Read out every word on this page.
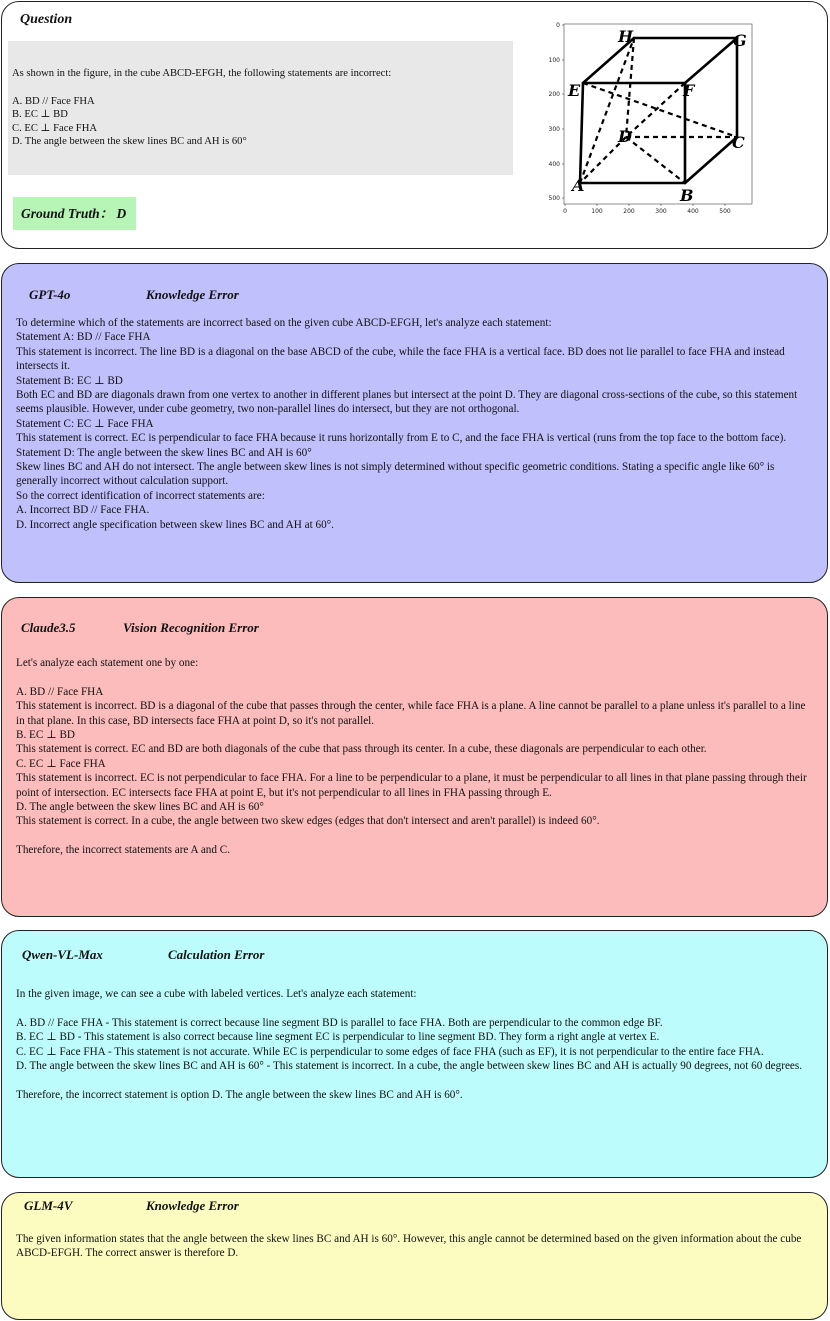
Question
As shown in the figure, in the cube ABCD-EFGH, the following statements are incorrect:
A. BD // Face FHA
B. EC ⊥ BD
C. EC ⊥ Face FHA
D. The angle between the skew lines BC and AH is 60°
Ground Truth： D
0
100
200
300
400
500
0	100	200	300	400	500
A
B
C
D
E	F
G
H
GPT-4o	Knowledge Error

To determine which of the statements are incorrect based on the given cube ABCD-EFGH, let's analyze each statement:

Statement A: BD // Face FHA

This statement is incorrect. The line BD is a diagonal on the base ABCD of the cube, while the face FHA is a vertical face. BD does not lie parallel to face FHA and instead intersects it.

Statement B: EC ⊥ BD

Both EC and BD are diagonals drawn from one vertex to another in different planes but intersect at the point D. They are diagonal cross-sections of the cube, so this statement seems plausible. However, under cube geometry, two non-parallel lines do intersect, but they are not orthogonal.

Statement C: EC ⊥ Face FHA

This statement is correct. EC is perpendicular to face FHA because it runs horizontally from E to C, and the face FHA is vertical (runs from the top face to the bottom face).

Statement D: The angle between the skew lines BC and AH is 60°

Skew lines BC and AH do not intersect. The angle between skew lines is not simply determined without specific geometric conditions. Stating a specific angle like 60° is generally incorrect without calculation support.

So the correct identification of incorrect statements are:

A. Incorrect BD // Face FHA.

D. Incorrect angle specification between skew lines BC and AH at 60°.

Claude3.5	Vision Recognition Error

Let's analyze each statement one by one:

A. BD // Face FHA

This statement is incorrect. BD is a diagonal of the cube that passes through the center, while face FHA is a plane. A line cannot be parallel to a plane unless it's parallel to a line in that plane. In this case, BD intersects face FHA at point D, so it's not parallel.

B. EC ⊥ BD

This statement is correct. EC and BD are both diagonals of the cube that pass through its center. In a cube, these diagonals are perpendicular to each other.

C. EC ⊥ Face FHA

This statement is incorrect. EC is not perpendicular to face FHA. For a line to be perpendicular to a plane, it must be perpendicular to all lines in that plane passing through their point of intersection. EC intersects face FHA at point E, but it's not perpendicular to all lines in FHA passing through E.

D. The angle between the skew lines BC and AH is 60°

This statement is correct. In a cube, the angle between two skew edges (edges that don't intersect and aren't parallel) is indeed 60°.

Therefore, the incorrect statements are A and C.

Qwen-VL-Max	Calculation Error

In the given image, we can see a cube with labeled vertices. Let's analyze each statement:

A. BD // Face FHA - This statement is correct because line segment BD is parallel to face FHA. Both are perpendicular to the common edge BF.

B. EC ⊥ BD - This statement is also correct because line segment EC is perpendicular to line segment BD. They form a right angle at vertex E.

C. EC ⊥ Face FHA - This statement is not accurate. While EC is perpendicular to some edges of face FHA (such as EF), it is not perpendicular to the entire face FHA.

D. The angle between the skew lines BC and AH is 60° - This statement is incorrect. In a cube, the angle between skew lines BC and AH is actually 90 degrees, not 60 degrees.

Therefore, the incorrect statement is option D. The angle between the skew lines BC and AH is 60°.

GLM-4V	Knowledge Error

The given information states that the angle between the skew lines BC and AH is 60°. However, this angle cannot be determined based on the given information about the cube ABCD-EFGH. The correct answer is therefore D.
